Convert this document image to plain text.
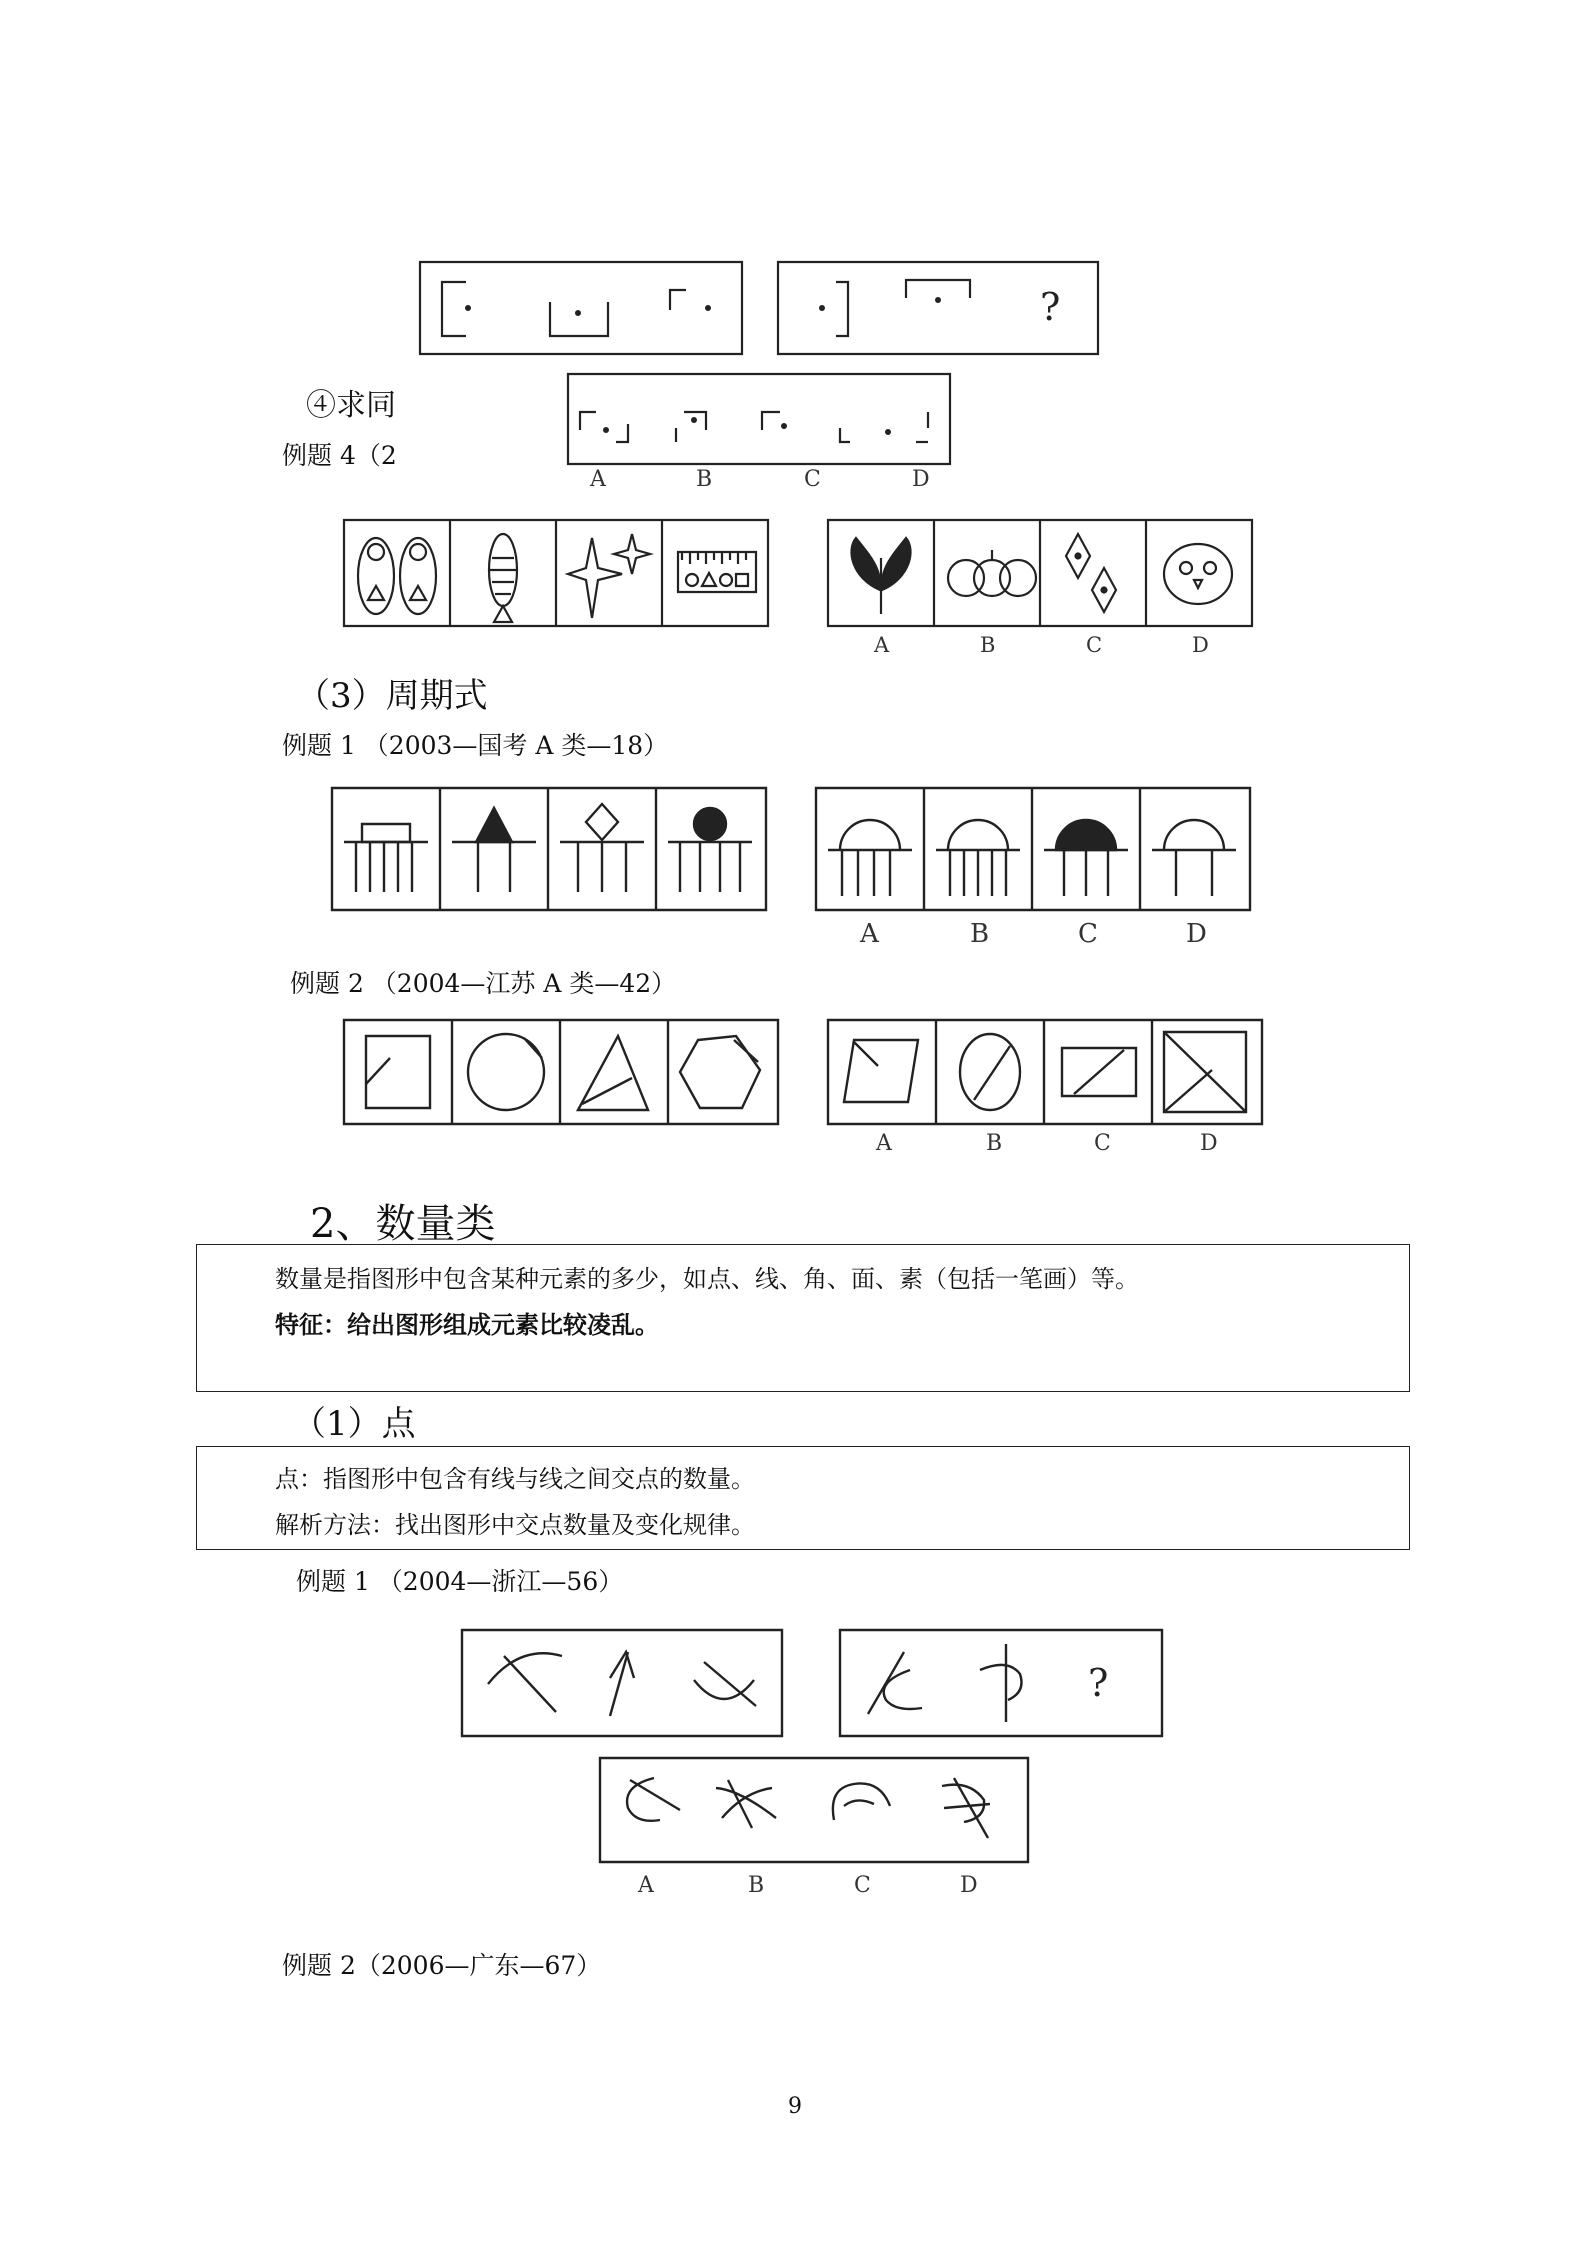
?
④求同
例题 4（2
A	B	C	D
A	B	C	D
（3）周期式
例题 1 （2003—国考 A 类—18）
A	B	C	D
例题 2 （2004—江苏 A 类—42）
A	B	C	D
2、数量类
数量是指图形中包含某种元素的多少，如点、线、角、面、素（包括一笔画）等。
特征：给出图形组成元素比较凌乱。
（1）点
点：指图形中包含有线与线之间交点的数量。
解析方法：找出图形中交点数量及变化规律。
例题 1 （2004—浙江—56）
?
A	B	C	D
例题 2（2006—广东—67）
9
